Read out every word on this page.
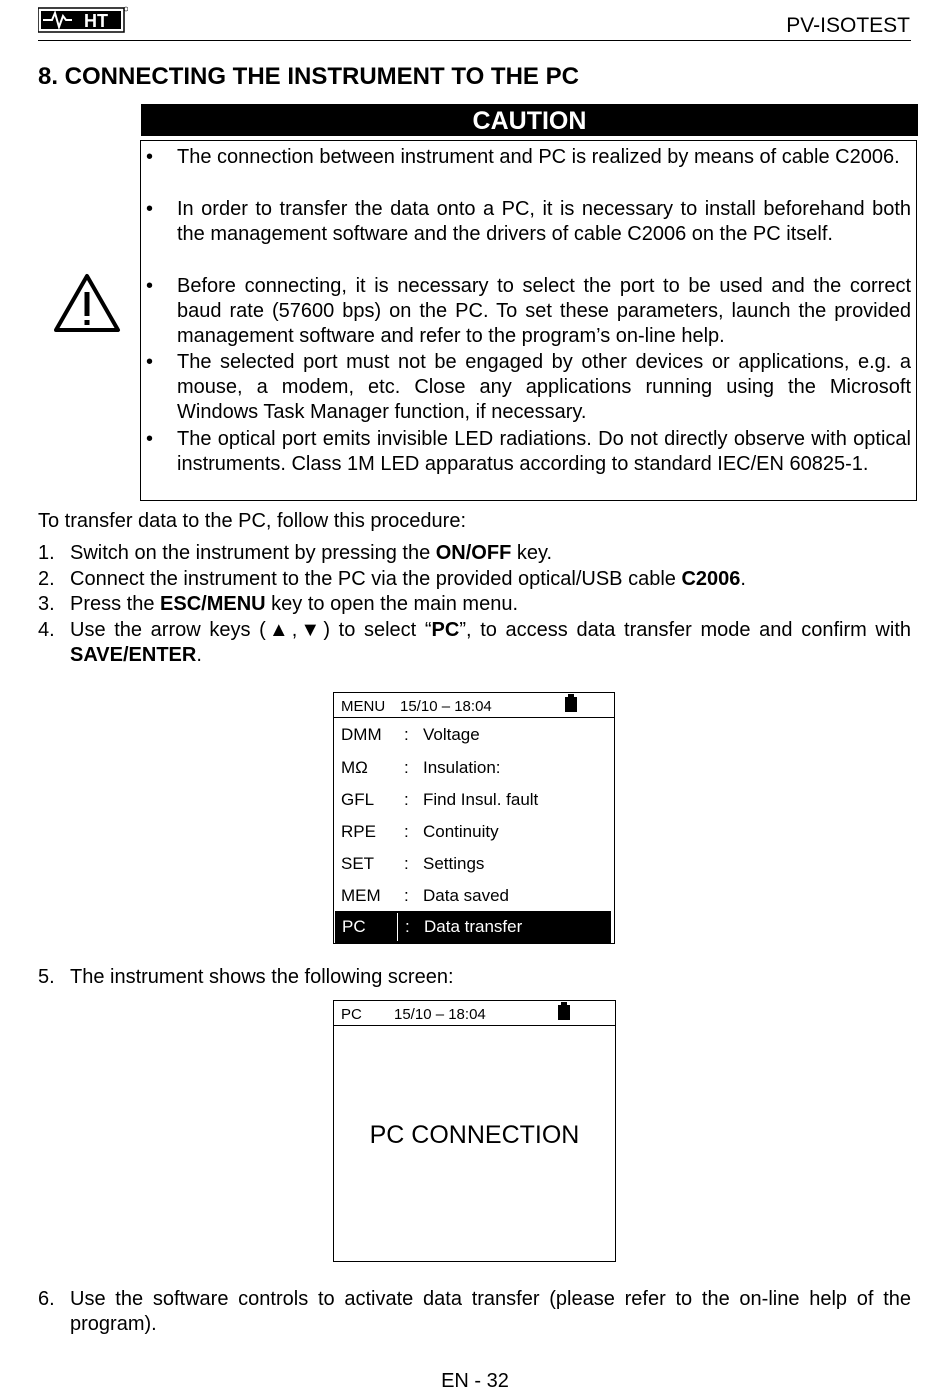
HT	PV-ISOTEST
8. CONNECTING THE INSTRUMENT TO THE PC
CAUTION
• The connection between instrument and PC is realized by means of cable C2006.
• In order to transfer the data onto a PC, it is necessary to install beforehand both the management software and the drivers of cable C2006 on the PC itself.
• Before connecting, it is necessary to select the port to be used and the correct baud rate (57600 bps) on the PC. To set these parameters, launch the provided management software and refer to the program’s on-line help.
• The selected port must not be engaged by other devices or applications, e.g. a mouse, a modem, etc. Close any applications running using the Microsoft Windows Task Manager function, if necessary.
• The optical port emits invisible LED radiations. Do not directly observe with optical instruments. Class 1M LED apparatus according to standard IEC/EN 60825-1.
To transfer data to the PC, follow this procedure:
1. Switch on the instrument by pressing the ON/OFF key.
2. Connect the instrument to the PC via the provided optical/USB cable C2006.
3. Press the ESC/MENU key to open the main menu.
4. Use the arrow keys (▲,▼) to select “PC”, to access data transfer mode and confirm with SAVE/ENTER.
MENU 15/10 – 18:04
DMM : Voltage
MΩ : Insulation:
GFL : Find Insul. fault
RPE : Continuity
SET : Settings
MEM : Data saved
PC : Data transfer
5. The instrument shows the following screen:
PC 15/10 – 18:04
PC CONNECTION
6. Use the software controls to activate data transfer (please refer to the on-line help of the program).
EN - 32
